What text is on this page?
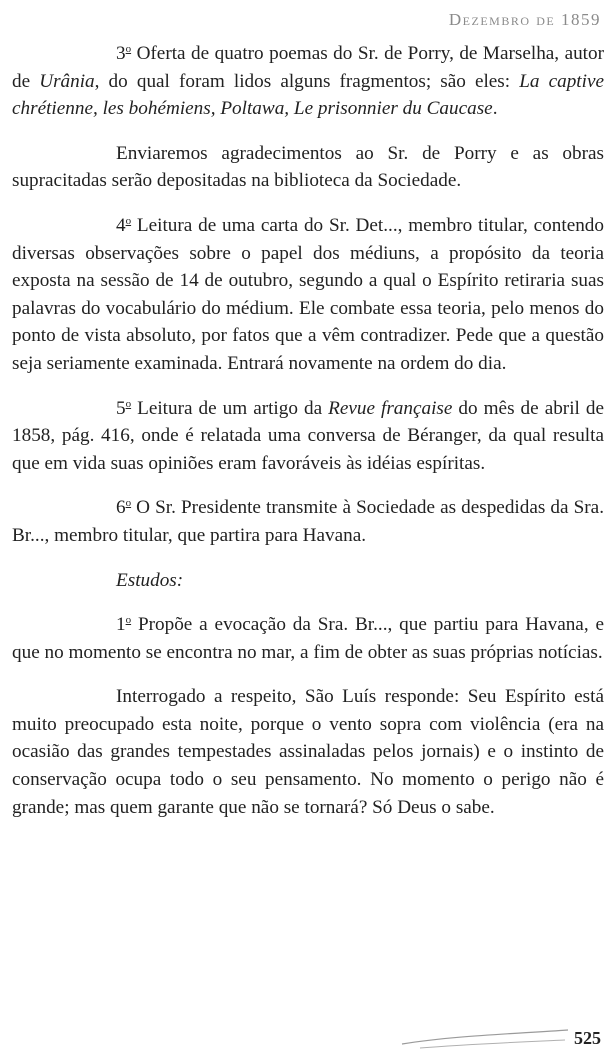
Dezembro de 1859

3$^o$ Oferta de quatro poemas do Sr. de Porry, de Marselha, autor de Urânia, do qual foram lidos alguns fragmentos; são eles: La captive chrétienne, les bohémiens, Poltawa, Le prisonnier du Caucase.

Enviaremos agradecimentos ao Sr. de Porry e as obras supracitadas serão depositadas na biblioteca da Sociedade.

4$^o$ Leitura de uma carta do Sr. Det..., membro titular, contendo diversas observações sobre o papel dos médiuns, a propósito da teoria exposta na sessão de 14 de outubro, segundo a qual o Espírito retiraria suas palavras do vocabulário do médium. Ele combate essa teoria, pelo menos do ponto de vista absoluto, por fatos que a vêm contradizer. Pede que a questão seja seriamente examinada. Entrará novamente na ordem do dia.

5$^o$ Leitura de um artigo da Revue française do mês de abril de 1858, pág. 416, onde é relatada uma conversa de Béranger, da qual resulta que em vida suas opiniões eram favoráveis às idéias espíritas.

6$^o$ O Sr. Presidente transmite à Sociedade as despedidas da Sra. Br..., membro titular, que partira para Havana.

Estudos:

1$^o$ Propõe a evocação da Sra. Br..., que partiu para Havana, e que no momento se encontra no mar, a fim de obter as suas próprias notícias.

Interrogado a respeito, São Luís responde: Seu Espírito está muito preocupado esta noite, porque o vento sopra com violência (era na ocasião das grandes tempestades assinaladas pelos jornais) e o instinto de conservação ocupa todo o seu pensamento. No momento o perigo não é grande; mas quem garante que não se tornará? Só Deus o sabe.

525
